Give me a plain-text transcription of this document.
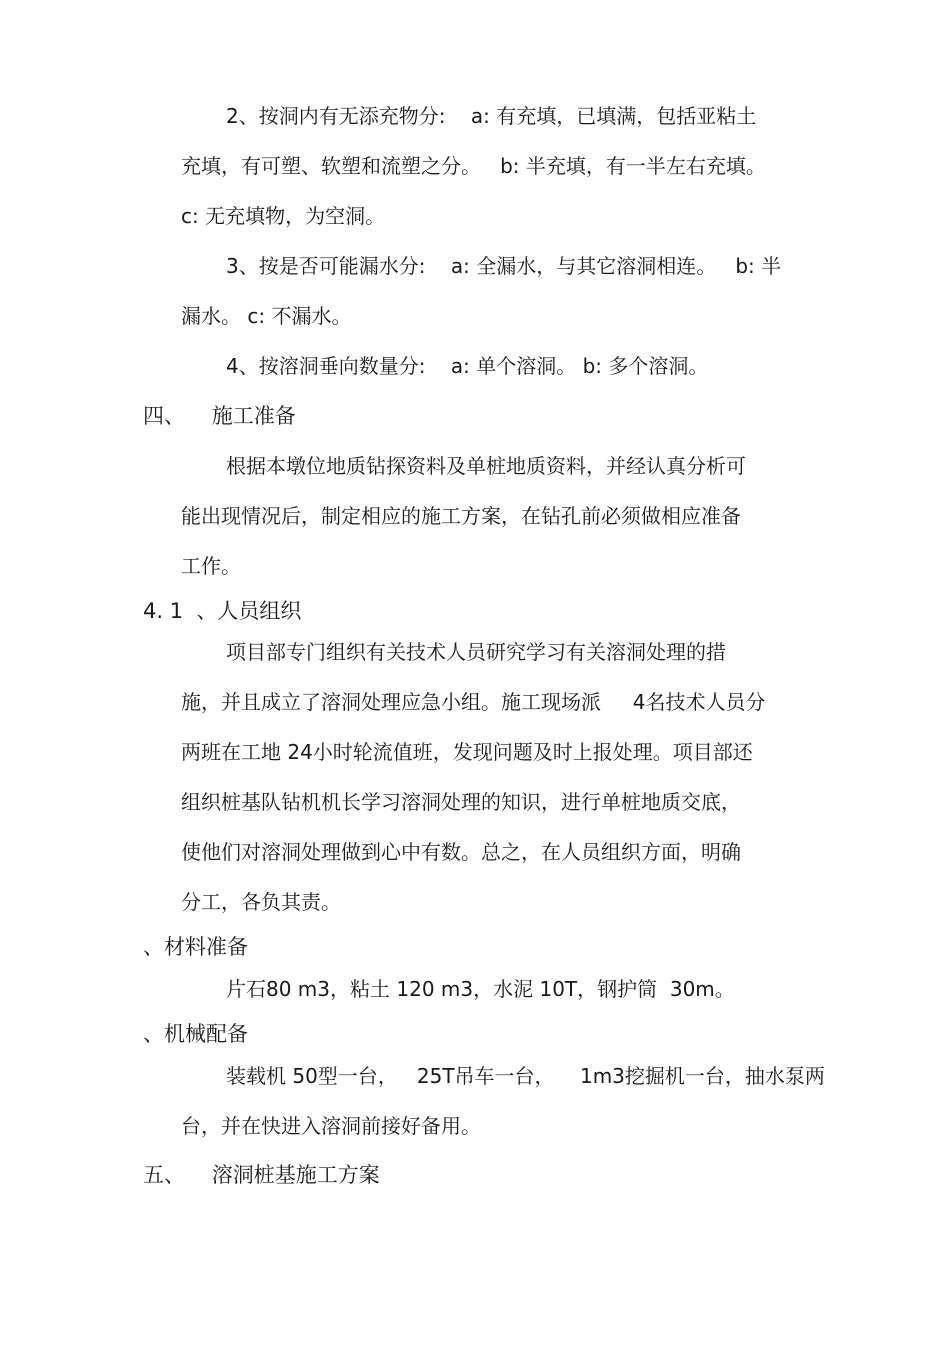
2、按洞内有无添充物分:    a: 有充填，已填满，包括亚粘土

充填，有可塑、软塑和流塑之分。   b: 半充填，有一半左右充填。

c: 无充填物，为空洞。

3、按是否可能漏水分:    a: 全漏水，与其它溶洞相连。   b: 半

漏水。 c: 不漏水。

4、按溶洞垂向数量分:    a: 单个溶洞。 b: 多个溶洞。

四、    施工准备

根据本墩位地质钻探资料及单桩地质资料，并经认真分析可

能出现情况后，制定相应的施工方案，在钻孔前必须做相应准备

工作。

4. 1  、人员组织

项目部专门组织有关技术人员研究学习有关溶洞处理的措

施，并且成立了溶洞处理应急小组。施工现场派     4名技术人员分

两班在工地 24小时轮流值班，发现问题及时上报处理。项目部还

组织桩基队钻机机长学习溶洞处理的知识，进行单桩地质交底，

使他们对溶洞处理做到心中有数。总之，在人员组织方面，明确

分工，各负其责。

、材料准备

片石80 m3，粘土 120 m3，水泥 10T，钢护筒  30m。

、机械配备

装载机 50型一台，   25T吊车一台，    1m3挖掘机一台，抽水泵两

台，并在快进入溶洞前接好备用。

五、    溶洞桩基施工方案
